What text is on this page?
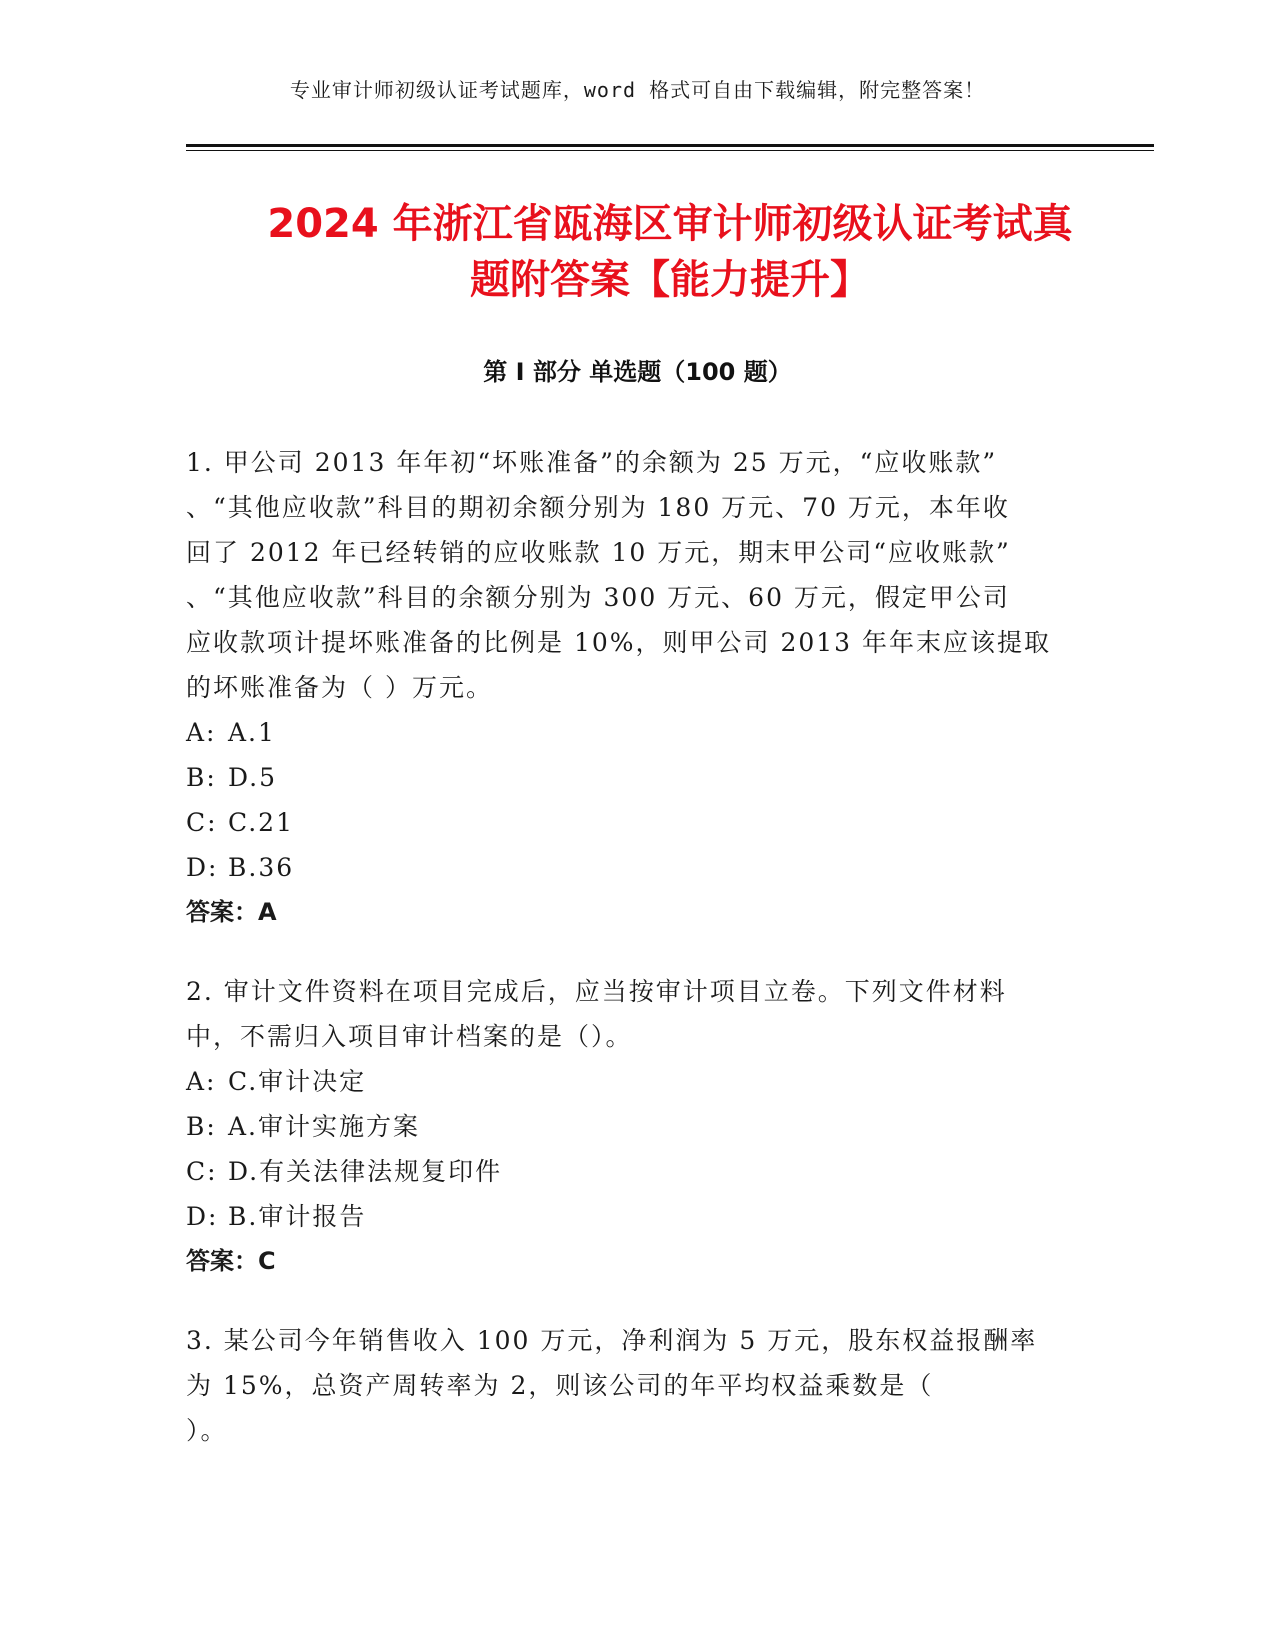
专业审计师初级认证考试题库，word 格式可自由下载编辑，附完整答案！
2024 年浙江省瓯海区审计师初级认证考试真
题附答案【能力提升】
第 I 部分 单选题（100 题）

1. 甲公司 2013 年年初“坏账准备”的余额为 25 万元，“应收账款”
、“其他应收款”科目的期初余额分别为 180 万元、70 万元，本年收
回了 2012 年已经转销的应收账款 10 万元，期末甲公司“应收账款”
、“其他应收款”科目的余额分别为 300 万元、60 万元，假定甲公司
应收款项计提坏账准备的比例是 10%，则甲公司 2013 年年末应该提取
的坏账准备为（ ）万元。

A: A.1
B: D.5
C: C.21
D: B.36
答案：A

2. 审计文件资料在项目完成后，应当按审计项目立卷。下列文件材料
中，不需归入项目审计档案的是（）。

A: C.审计决定
B: A.审计实施方案
C: D.有关法律法规复印件
D: B.审计报告
答案：C

3. 某公司今年销售收入 100 万元，净利润为 5 万元，股东权益报酬率
为 15%，总资产周转率为 2，则该公司的年平均权益乘数是（
）。
